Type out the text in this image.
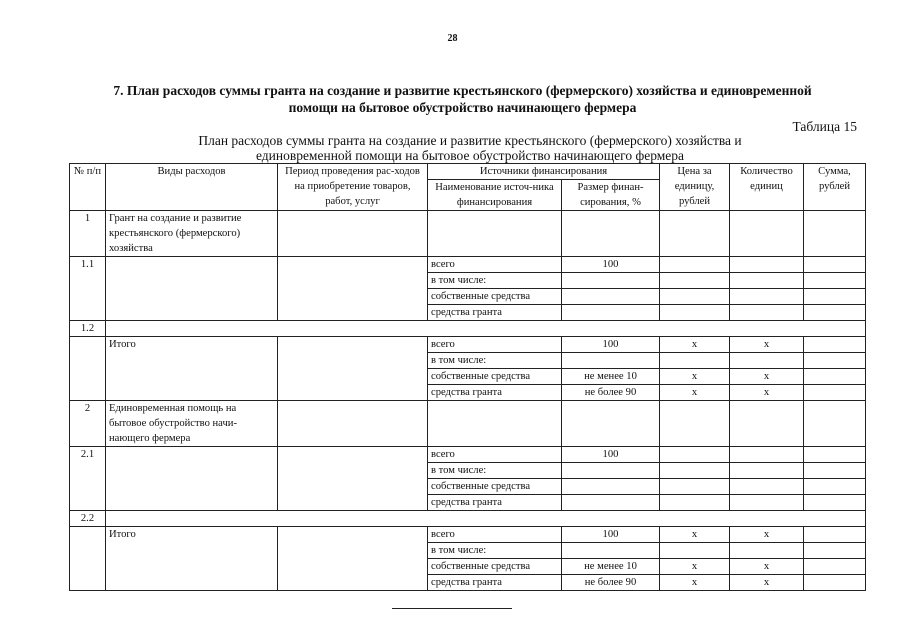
28
7. План расходов суммы гранта на создание и развитие крестьянского (фермерского) хозяйства и единовременной помощи на бытовое обустройство начинающего фермера
Таблица 15
План расходов суммы гранта на создание и развитие крестьянского (фермерского) хозяйства и единовременной помощи на бытовое обустройство начинающего фермера
№ п/п	Виды расходов	Период проведения рас-ходов на приобретение товаров, работ, услуг	Источники финансирования		Цена за единицу, рублей	Количество единиц	Сумма, рублей
			Наименование источ-ника финансирования	Размер финан-сирования, %			
1	Грант на создание и развитие крестьянского (фермерского) хозяйства						
1.1			всего	100			
			в том числе:				
			собственные средства				
			средства гранта				
1.2							
	Итого		всего	100	х	х	
			в том числе:				
			собственные средства	не менее 10	х	х	
			средства гранта	не более 90	х	х	
2	Единовременная помощь на бытовое обустройство начи-нающего фермера						
2.1			всего	100			
			в том числе:				
			собственные средства				
			средства гранта				
2.2							
	Итого		всего	100	х	х	
			в том числе:				
			собственные средства	не менее 10	х	х	
			средства гранта	не более 90	х	х	
